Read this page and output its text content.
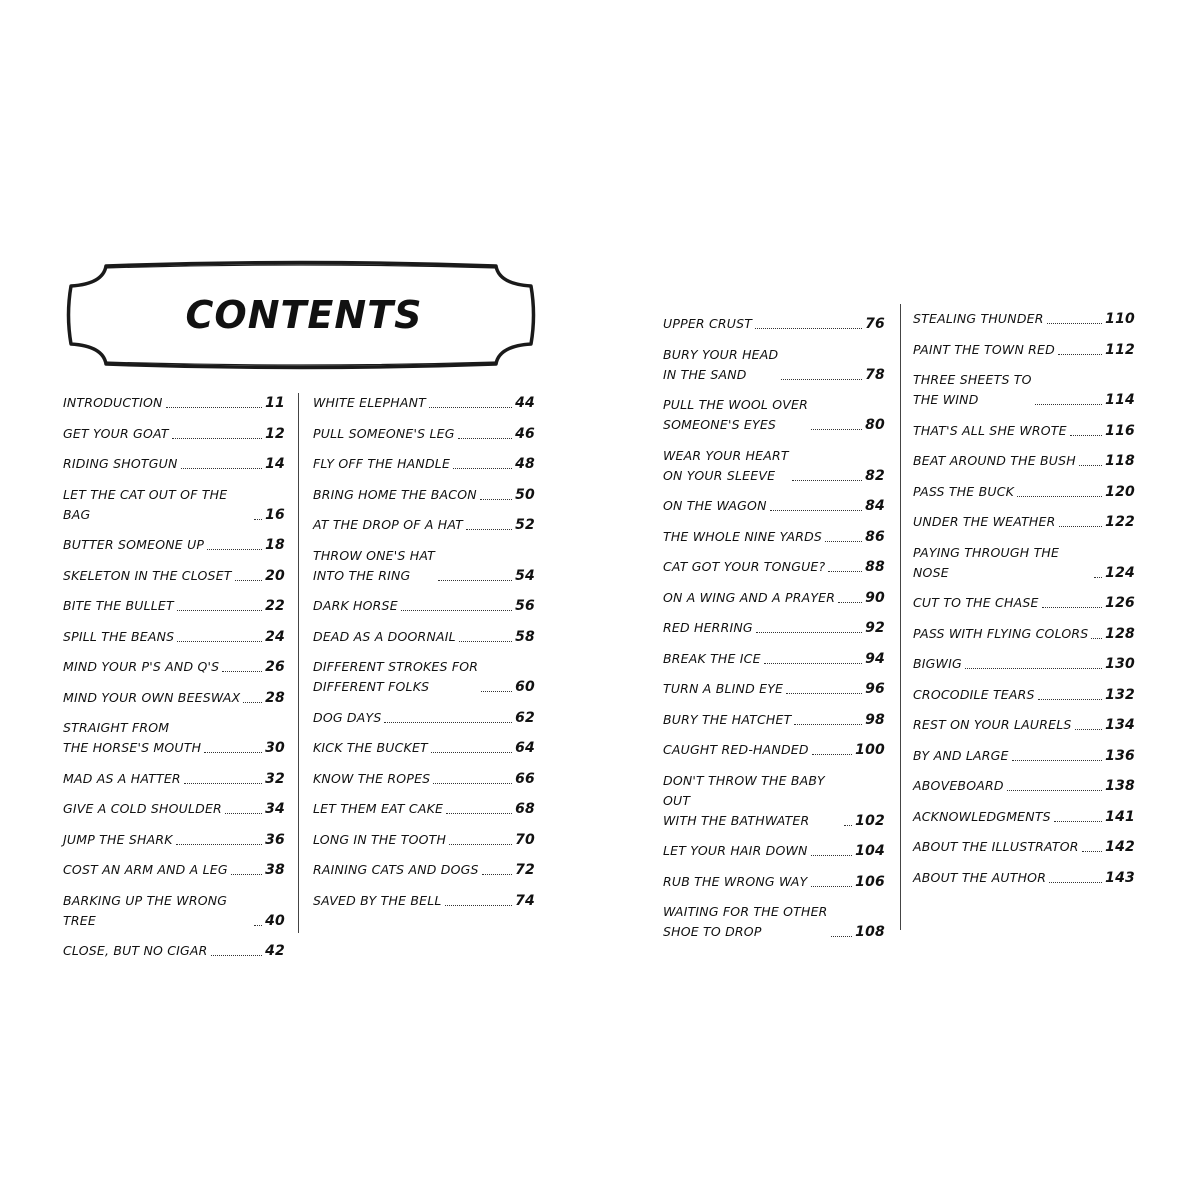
CONTENTS
INTRODUCTION	11
GET YOUR GOAT	12
RIDING SHOTGUN	14
LET THE CAT OUT OF THE BAG	16
BUTTER SOMEONE UP	18
SKELETON IN THE CLOSET 20
BITE THE BULLET	22
SPILL THE BEANS	24
MIND YOUR P'S AND Q'S	26
MIND YOUR OWN BEESWAX 28
STRAIGHT FROM
THE HORSE'S MOUTH	30
MAD AS A HATTER	32
GIVE A COLD SHOULDER	34
JUMP THE SHARK	36
COST AN ARM AND A LEG	38
BARKING UP THE WRONG TREE	40
CLOSE, BUT NO CIGAR	42
WHITE ELEPHANT	44
PULL SOMEONE'S LEG	46
FLY OFF THE HANDLE	48
BRING HOME THE BACON	50
AT THE DROP OF A HAT	52
THROW ONE'S HAT
INTO THE RING	54
DARK HORSE	56
DEAD AS A DOORNAIL	58
DIFFERENT STROKES FOR
DIFFERENT FOLKS	60
DOG DAYS	62
KICK THE BUCKET	64
KNOW THE ROPES	66
LET THEM EAT CAKE	68
LONG IN THE TOOTH	70
RAINING CATS AND DOGS	72
SAVED BY THE BELL	74
UPPER CRUST	76
BURY YOUR HEAD
IN THE SAND	78
PULL THE WOOL OVER
SOMEONE'S EYES	80
WEAR YOUR HEART
ON YOUR SLEEVE	82
ON THE WAGON	84
THE WHOLE NINE YARDS	86
CAT GOT YOUR TONGUE?	88
ON A WING AND A PRAYER 90
RED HERRING	92
BREAK THE ICE	94
TURN A BLIND EYE	96
BURY THE HATCHET	98
CAUGHT RED-HANDED	100
DON'T THROW THE BABY OUT
WITH THE BATHWATER	102
LET YOUR HAIR DOWN	104
RUB THE WRONG WAY	106
WAITING FOR THE OTHER
SHOE TO DROP	108
STEALING THUNDER	110
PAINT THE TOWN RED	112
THREE SHEETS TO
THE WIND	114
THAT'S ALL SHE WROTE	116
BEAT AROUND THE BUSH 118
PASS THE BUCK	120
UNDER THE WEATHER	122
PAYING THROUGH THE NOSE	124
CUT TO THE CHASE	126
PASS WITH FLYING COLORS 128
BIGWIG	130
CROCODILE TEARS	132
REST ON YOUR LAURELS 134
BY AND LARGE	136
ABOVEBOARD	138
ACKNOWLEDGMENTS	141
ABOUT THE ILLUSTRATOR 142
ABOUT THE AUTHOR	143
